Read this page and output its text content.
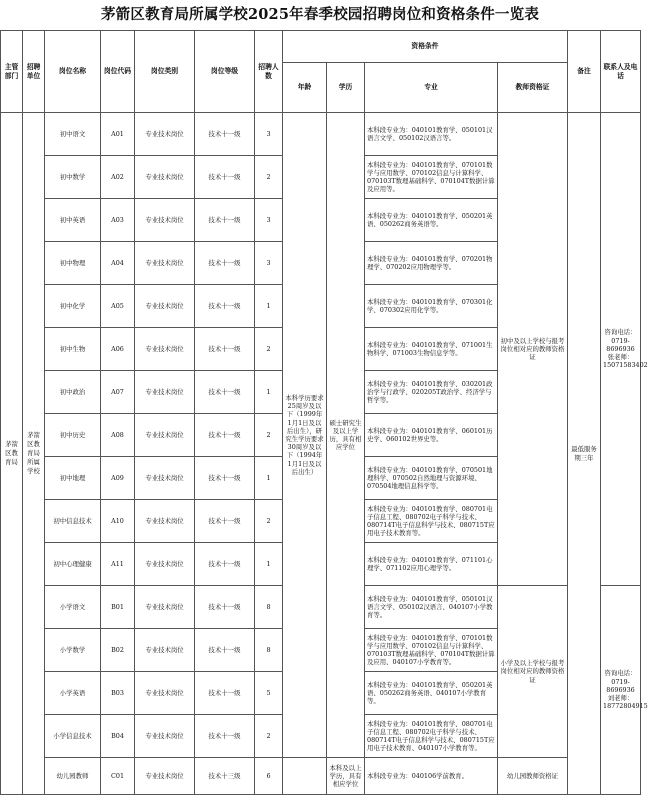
茅箭区教育局所属学校2025年春季校园招聘岗位和资格条件一览表
主管部门	招聘单位	岗位名称	岗位代码	岗位类别	岗位等级	招聘人数	资格条件				备注	联系人及电话
							年龄	学历	专业	教师资格证		
茅箭区教育局	茅箭区教育局所属学校	初中语文	A01	专业技术岗位	技术十一级	3	本科学历要求25周岁及以下（1999年1月1日及以后出生），研究生学历要求30周岁及以下（1994年1月1日及以后出生）	硕士研究生及以上学历，具有相应学位	本科段专业为：040101教育学、050101汉语言文学、050102汉语言等。	初中及以上学校与报考岗位相对应的教师资格证	最低服务期三年	咨询电话：0719-8696936 张老师：15071583402
		初中数学	A02	专业技术岗位	技术十一级	2			本科段专业为：040101教育学、070101数学与应用数学、070102信息与计算科学、070103T数理基础科学、070104T数据计算及应用等。			
		初中英语	A03	专业技术岗位	技术十一级	3			本科段专业为：040101教育学、050201英语、050262商务英语等。			
		初中物理	A04	专业技术岗位	技术十一级	3			本科段专业为：040101教育学、070201物理学、070202应用物理学等。			
		初中化学	A05	专业技术岗位	技术十一级	1			本科段专业为：040101教育学、070301化学、070302应用化学等。			
		初中生物	A06	专业技术岗位	技术十一级	2			本科段专业为：040101教育学、071001生物科学、071003生物信息学等。			
		初中政治	A07	专业技术岗位	技术十一级	1			本科段专业为：040101教育学、030201政治学与行政学、020205T政治学、经济学与哲学等。			
		初中历史	A08	专业技术岗位	技术十一级	2			本科段专业为：040101教育学、060101历史学、060102世界史等。			
		初中地理	A09	专业技术岗位	技术十一级	1			本科段专业为：040101教育学、070501地理科学、070502自然地理与资源环境、070504地理信息科学等。			
		初中信息技术	A10	专业技术岗位	技术十一级	2			本科段专业为：040101教育学、080701电子信息工程、080702电子科学与技术、080714T电子信息科学与技术、080715T应用电子技术教育等。			
		初中心理健康	A11	专业技术岗位	技术十一级	1			本科段专业为：040101教育学、071101心理学、071102应用心理学等。			
		小学语文	B01	专业技术岗位	技术十一级	8			本科段专业为：040101教育学、050101汉语言文学、050102汉语言、040107小学教育等。	小学及以上学校与报考岗位相对应的教师资格证		咨询电话：0719-8696936 刘老师：18772804915
		小学数学	B02	专业技术岗位	技术十一级	8			本科段专业为：040101教育学、070101数学与应用数学、070102信息与计算科学、070103T数理基础科学、070104T数据计算及应用、040107小学教育等。			
		小学英语	B03	专业技术岗位	技术十一级	5			本科段专业为：040101教育学、050201英语、050262商务英语、040107小学教育等。			
		小学信息技术	B04	专业技术岗位	技术十一级	2			本科段专业为：040101教育学、080701电子信息工程、080702电子科学与技术、080714T电子信息科学与技术、080715T应用电子技术教育、040107小学教育等。			
		幼儿园教师	C01	专业技术岗位	技术十三级	6		本科及以上学历，具有相应学位	本科段专业为：040106学前教育。	幼儿园教师资格证		
